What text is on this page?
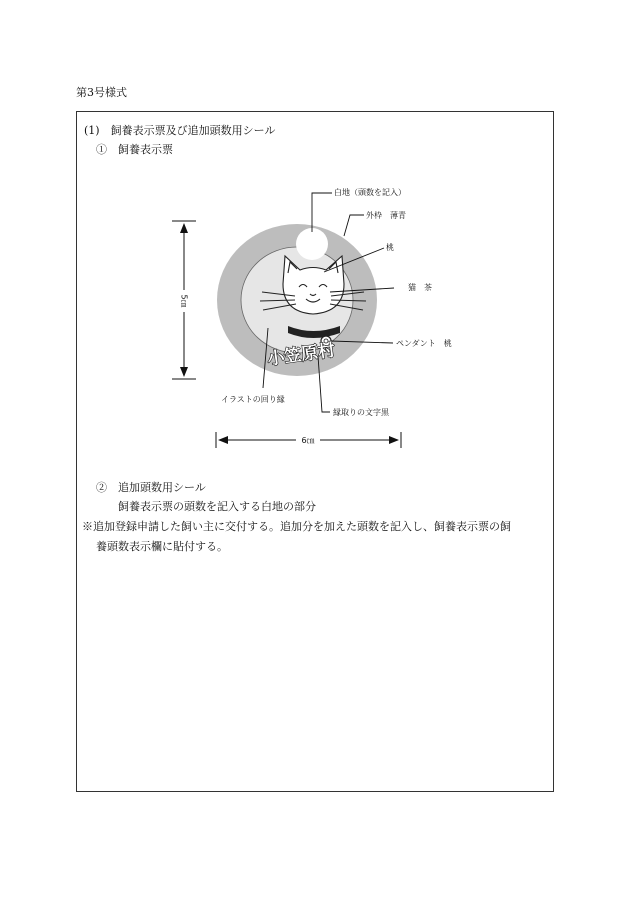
第3号様式
(1)　飼養表示票及び追加頭数用シール
①　飼養表示票
小笠原村
白地（頭数を記入）
外枠　薄青
桃
猫　茶
ペンダント　桃
イラストの回り縁
縁取りの文字黒
5㎝
6㎝
②　追加頭数用シール
飼養表示票の頭数を記入する白地の部分
※追加登録申請した飼い主に交付する。追加分を加えた頭数を記入し、飼養表示票の飼
養頭数表示欄に貼付する。
